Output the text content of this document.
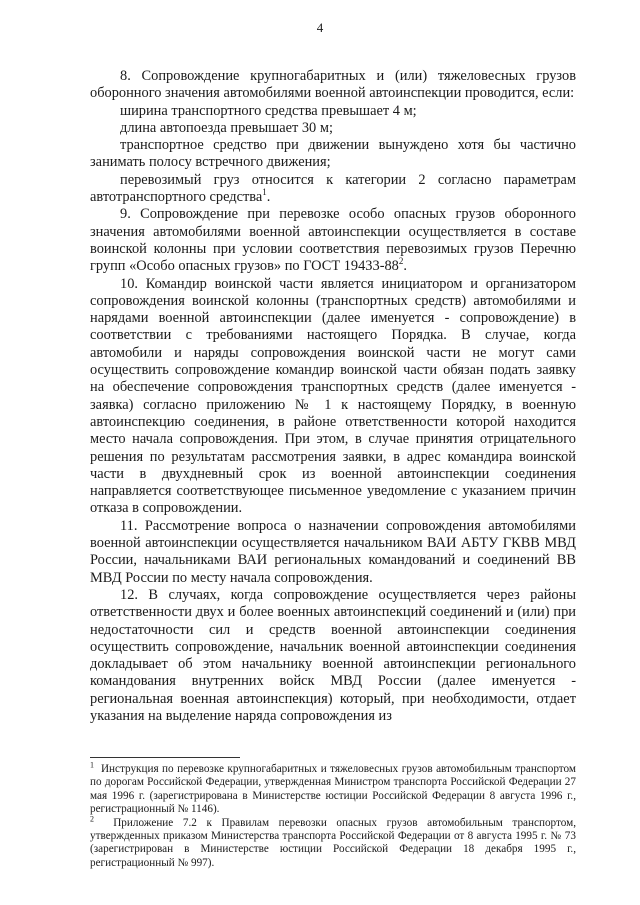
4

8. Сопровождение крупногабаритных и (или) тяжеловесных грузов оборонного значения автомобилями военной автоинспекции проводится, если:

ширина транспортного средства превышает 4 м;

длина автопоезда превышает 30 м;

транспортное средство при движении вынуждено хотя бы частично занимать полосу встречного движения;

перевозимый груз относится к категории 2 согласно параметрам автотранспортного средства$^1$.

9. Сопровождение при перевозке особо опасных грузов оборонного значения автомобилями военной автоинспекции осуществляется в составе воинской колонны при условии соответствия перевозимых грузов Перечню групп «Особо опасных грузов» по ГОСТ $19433-88^2$.

10. Командир воинской части является инициатором и организатором сопровождения воинской колонны (транспортных средств) автомобилями и нарядами военной автоинспекции (далее именуется - сопровождение) в соответствии с требованиями настоящего Порядка. В случае, когда автомобили и наряды сопровождения воинской части не могут сами осуществить сопровождение командир воинской части обязан подать заявку на обеспечение сопровождения транспортных средств (далее именуется - заявка) согласно приложению № 1 к настоящему Порядку, в военную автоинспекцию соединения, в районе ответственности которой находится место начала сопровождения. При этом, в случае принятия отрицательного решения по результатам рассмотрения заявки, в адрес командира воинской части в двухдневный срок из военной автоинспекции соединения направляется соответствующее письменное уведомление с указанием причин отказа в сопровождении.

11. Рассмотрение вопроса о назначении сопровождения автомобилями военной автоинспекции осуществляется начальником ВАИ АБТУ ГКВВ МВД России, начальниками ВАИ региональных командований и соединений ВВ МВД России по месту начала сопровождения.

12. В случаях, когда сопровождение осуществляется через районы ответственности двух и более военных автоинспекций соединений и (или) при недостаточности сил и средств военной автоинспекции соединения осуществить сопровождение, начальник военной автоинспекции соединения докладывает об этом начальнику военной автоинспекции регионального командования внутренних войск МВД России (далее именуется - региональная военная автоинспекция) который, при необходимости, отдает указания на выделение наряда сопровождения из

$^1$ Инструкция по перевозке крупногабаритных и тяжеловесных грузов автомобильным транспортом по дорогам Российской Федерации, утвержденная Министром транспорта Российской Федерации 27 мая 1996 г. (зарегистрирована в Министерстве юстиции Российской Федерации 8 августа 1996 г., регистрационный № 1146).

$^2$ Приложение 7.2 к Правилам перевозки опасных грузов автомобильным транспортом, утвержденных приказом Министерства транспорта Российской Федерации от 8 августа 1995 г. № 73 (зарегистрирован в Министерстве юстиции Российской Федерации 18 декабря 1995 г., регистрационный № 997).
